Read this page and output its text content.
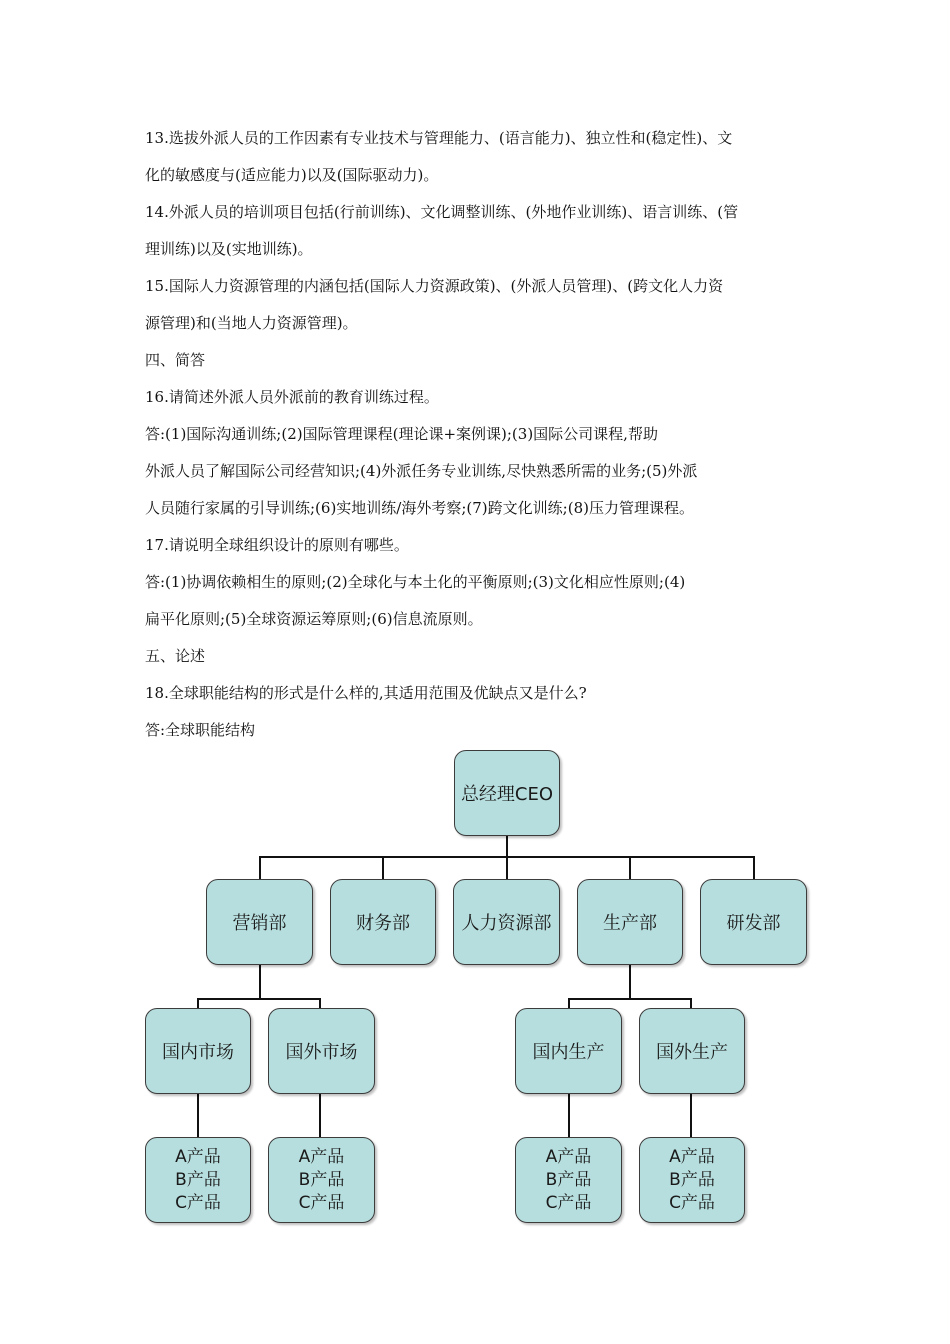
13.选拔外派人员的工作因素有专业技术与管理能力、(语言能力)、独立性和(稳定性)、文
化的敏感度与(适应能力)以及(国际驱动力)。
14.外派人员的培训项目包括(行前训练)、文化调整训练、(外地作业训练)、语言训练、(管
理训练)以及(实地训练)。
15.国际人力资源管理的内涵包括(国际人力资源政策)、(外派人员管理)、(跨文化人力资
源管理)和(当地人力资源管理)。
四、简答
16.请简述外派人员外派前的教育训练过程。
答:(1)国际沟通训练;(2)国际管理课程(理论课+案例课);(3)国际公司课程,帮助
外派人员了解国际公司经营知识;(4)外派任务专业训练,尽快熟悉所需的业务;(5)外派
人员随行家属的引导训练;(6)实地训练/海外考察;(7)跨文化训练;(8)压力管理课程。
17.请说明全球组织设计的原则有哪些。
答:(1)协调依赖相生的原则;(2)全球化与本土化的平衡原则;(3)文化相应性原则;(4)
扁平化原则;(5)全球资源运筹原则;(6)信息流原则。
五、论述
18.全球职能结构的形式是什么样的,其适用范围及优缺点又是什么?
答:全球职能结构
总经理CEO
营销部	财务部	人力资源部	生产部	研发部
国内市场	国外市场	国内生产	国外生产
A产品
B产品
C产品
A产品
B产品
C产品
A产品
B产品
C产品
A产品
B产品
C产品
